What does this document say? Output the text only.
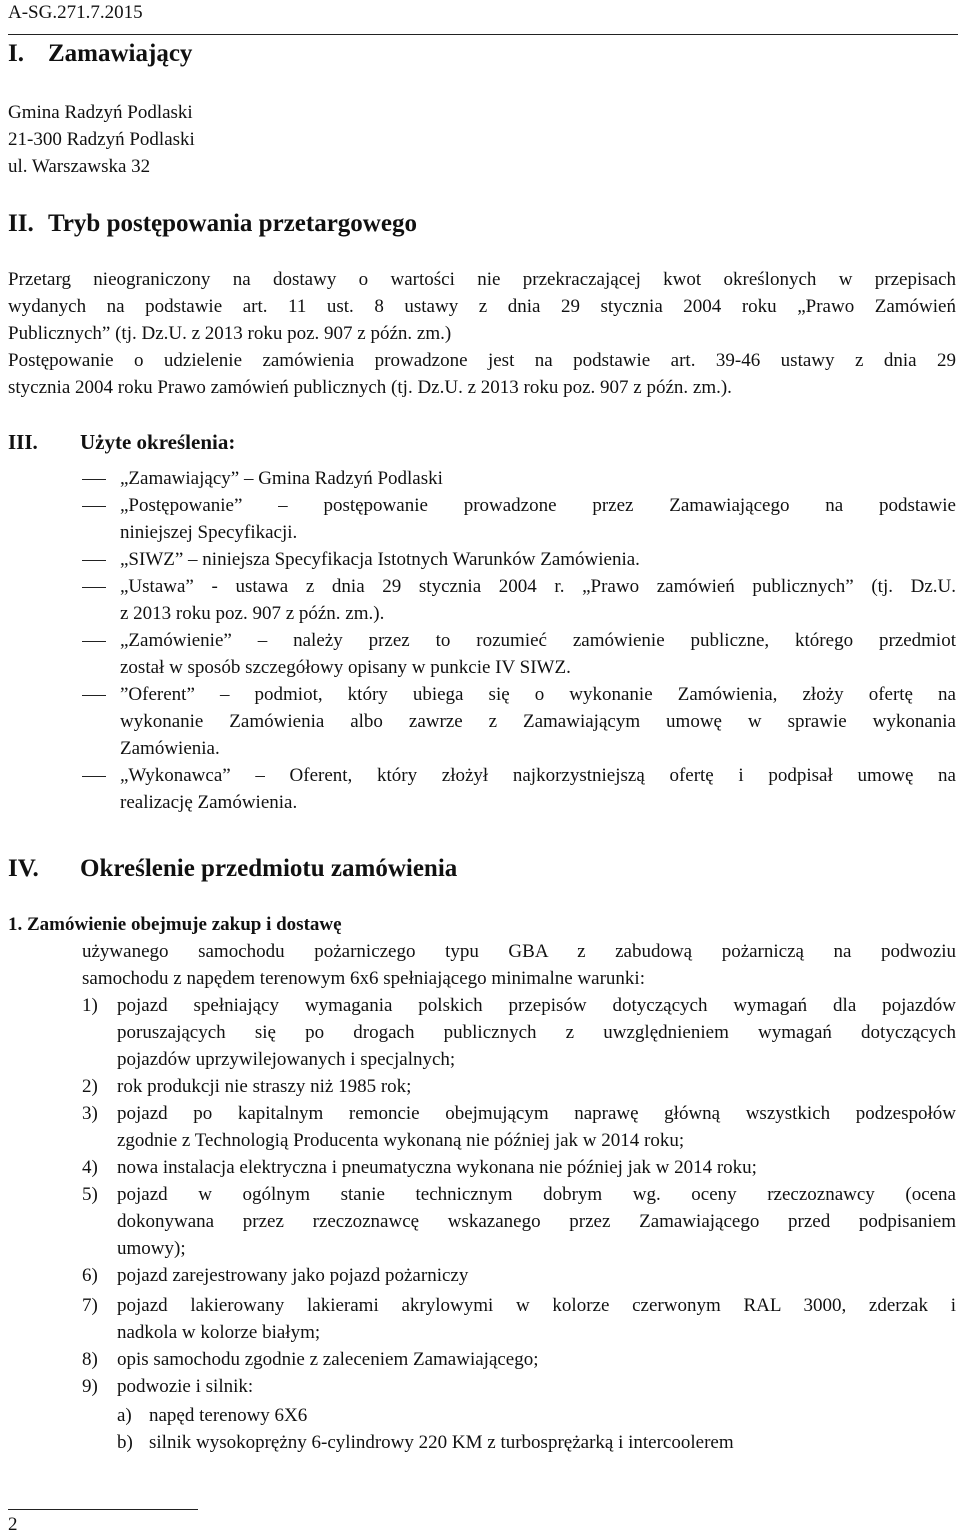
A-SG.271.7.2015
I. Zamawiający
Gmina Radzyń Podlaski
21-300 Radzyń Podlaski
ul. Warszawska 32
II. Tryb postępowania przetargowego
Przetarg nieograniczony na dostawy o wartości nie przekraczającej kwot określonych w przepisach
wydanych na podstawie art. 11 ust. 8 ustawy z dnia 29 stycznia 2004 roku „Prawo Zamówień
Publicznych” (tj. Dz.U. z 2013 roku poz. 907 z późn. zm.)
Postępowanie o udzielenie zamówienia prowadzone jest na podstawie art. 39-46 ustawy z dnia 29
stycznia 2004 roku Prawo zamówień publicznych (tj. Dz.U. z 2013 roku poz. 907 z późn. zm.).
III. Użyte określenia:
„Zamawiający” – Gmina Radzyń Podlaski
„Postępowanie” – postępowanie prowadzone przez Zamawiającego na podstawie
niniejszej Specyfikacji.
„SIWZ” – niniejsza Specyfikacja Istotnych Warunków Zamówienia.
„Ustawa” - ustawa z dnia 29 stycznia 2004 r. „Prawo zamówień publicznych” (tj. Dz.U.
z 2013 roku poz. 907 z późn. zm.).
„Zamówienie” – należy przez to rozumieć zamówienie publiczne, którego przedmiot
został w sposób szczegółowy opisany w punkcie IV SIWZ.
”Oferent” – podmiot, który ubiega się o wykonanie Zamówienia, złoży ofertę na
wykonanie Zamówienia albo zawrze z Zamawiającym umowę w sprawie wykonania
Zamówienia.
„Wykonawca” – Oferent, który złożył najkorzystniejszą ofertę i podpisał umowę na
realizację Zamówienia.
IV. Określenie przedmiotu zamówienia
1. Zamówienie obejmuje zakup i dostawę
używanego samochodu pożarniczego typu GBA z zabudową pożarniczą na podwoziu
samochodu z napędem terenowym 6x6 spełniającego minimalne warunki:
1) pojazd spełniający wymagania polskich przepisów dotyczących wymagań dla pojazdów
poruszających się po drogach publicznych z uwzględnieniem wymagań dotyczących
pojazdów uprzywilejowanych i specjalnych;
2) rok produkcji nie straszy niż 1985 rok;
3) pojazd po kapitalnym remoncie obejmującym naprawę główną wszystkich podzespołów
zgodnie z Technologią Producenta wykonaną nie później jak w 2014 roku;
4) nowa instalacja elektryczna i pneumatyczna wykonana nie później jak w 2014 roku;
5) pojazd w ogólnym stanie technicznym dobrym wg. oceny rzeczoznawcy (ocena
dokonywana przez rzeczoznawcę wskazanego przez Zamawiającego przed podpisaniem
umowy);
6) pojazd zarejestrowany jako pojazd pożarniczy
7) pojazd lakierowany lakierami akrylowymi w kolorze czerwonym RAL 3000, zderzak i
nadkola w kolorze białym;
8) opis samochodu zgodnie z zaleceniem Zamawiającego;
9) podwozie i silnik:
a) napęd terenowy 6X6
b) silnik wysokoprężny 6-cylindrowy 220 KM z turbosprężarką i intercoolerem
2
